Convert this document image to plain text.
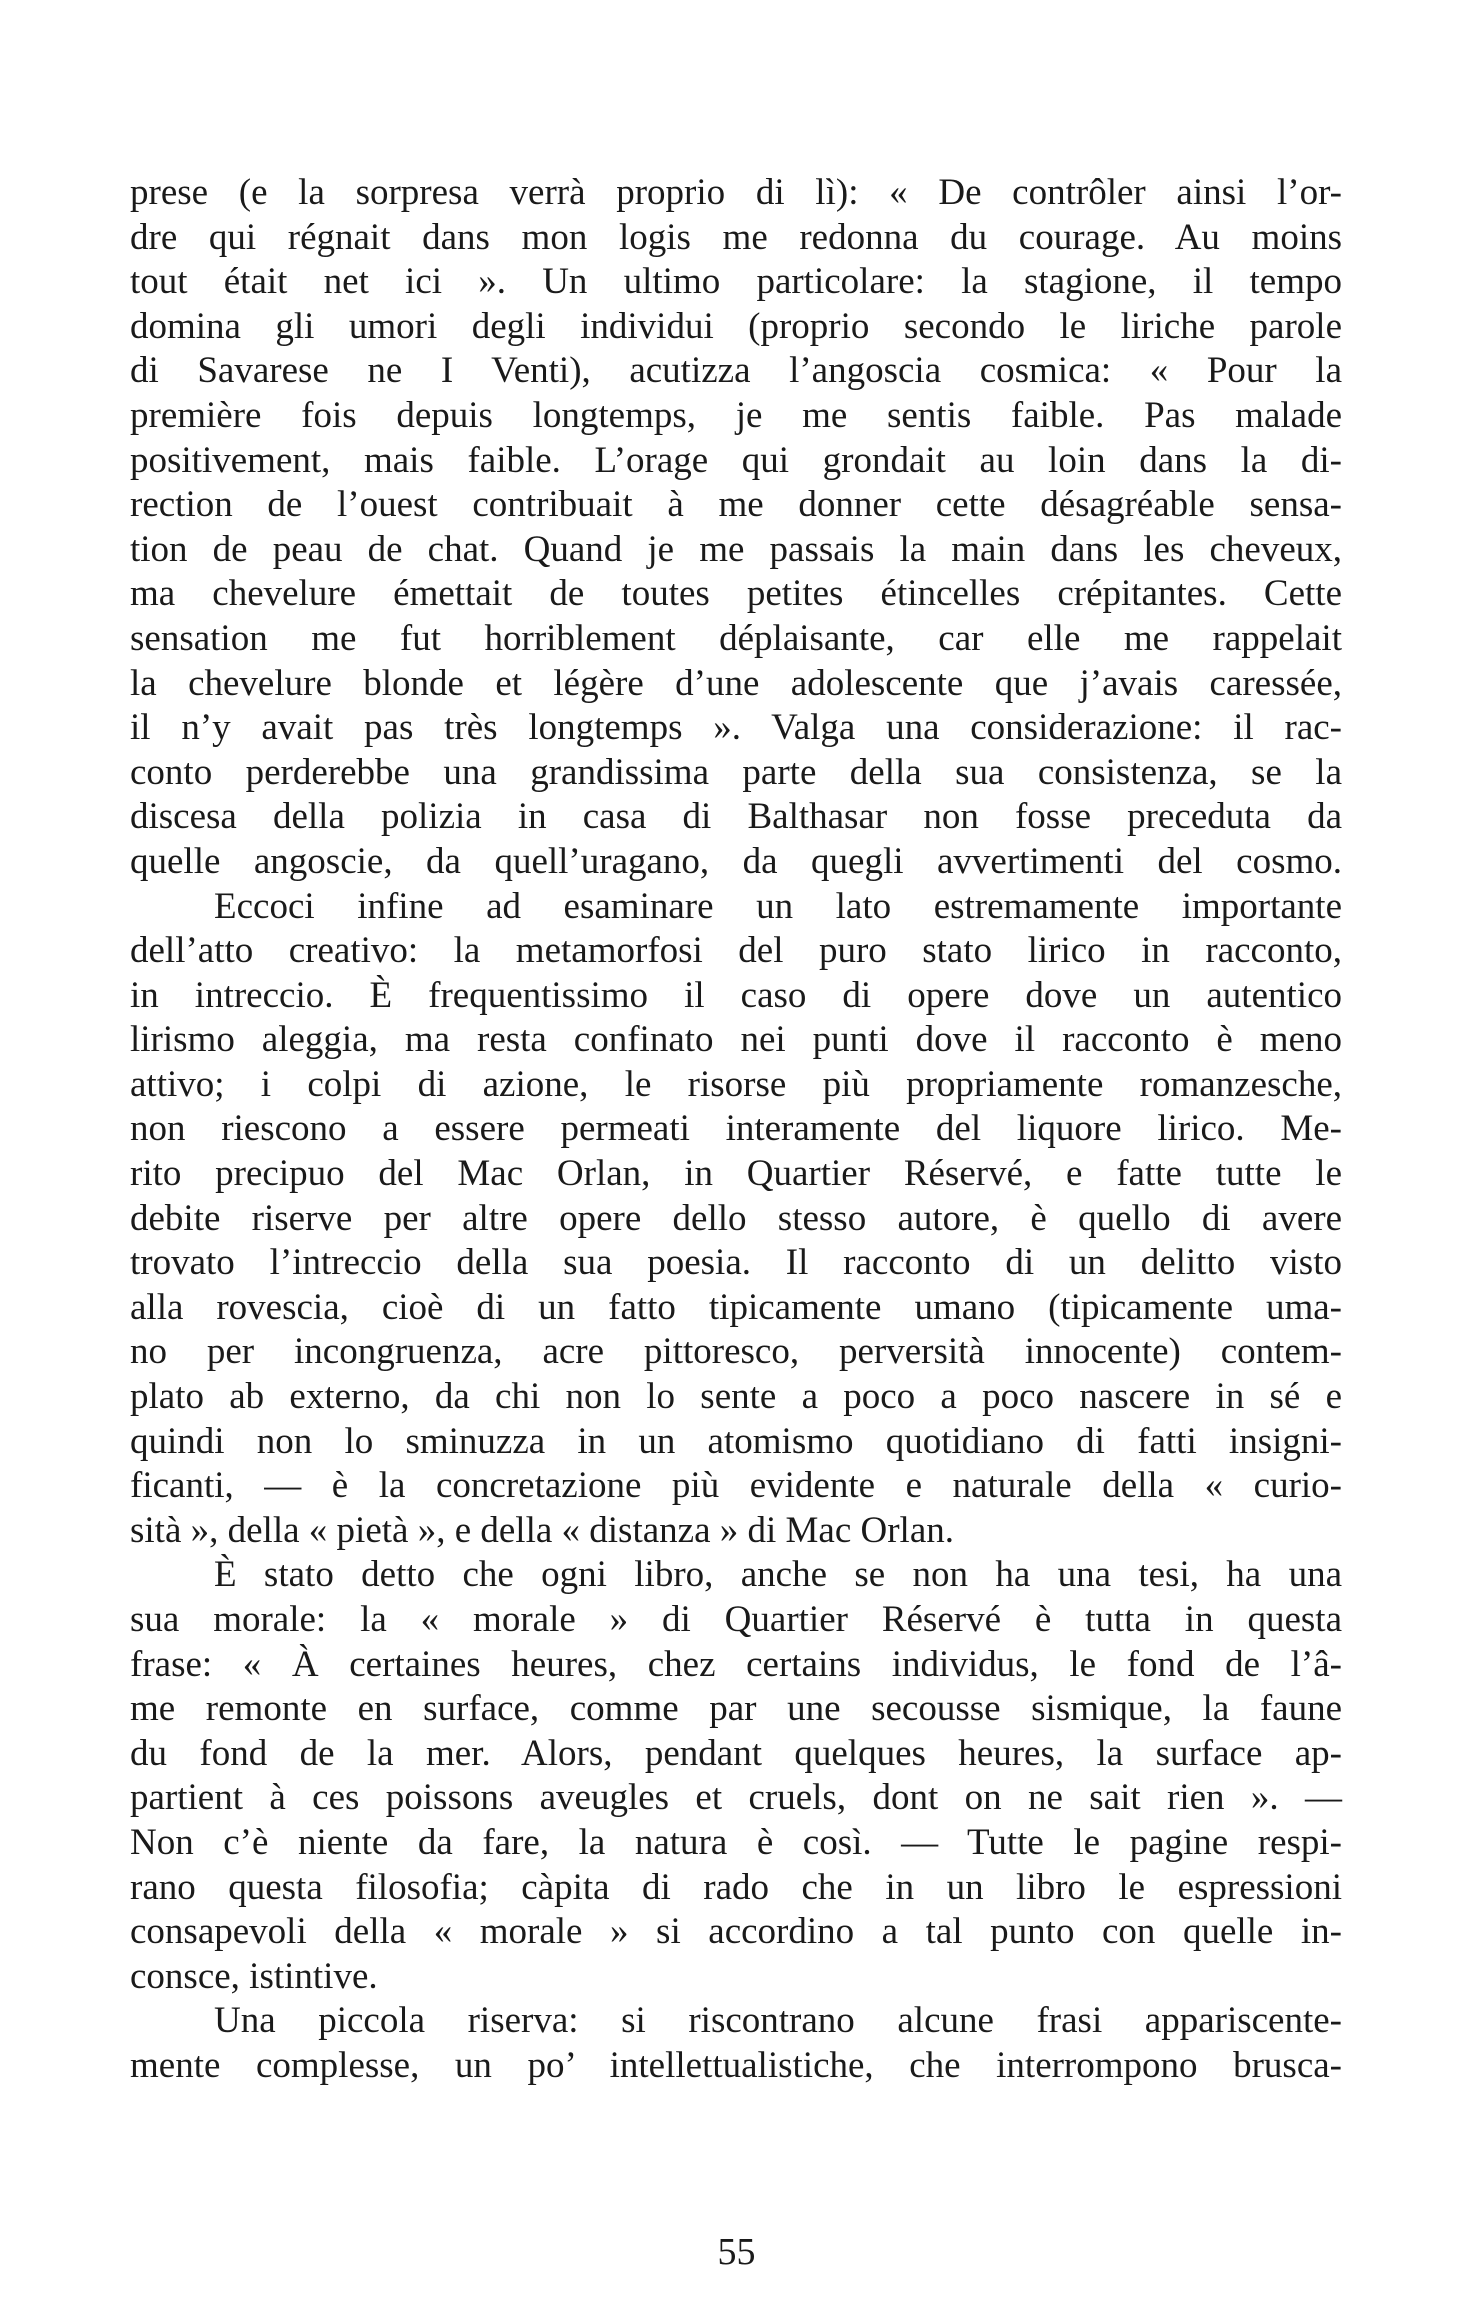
prese (e la sorpresa verrà proprio di lì): « De contrôler ainsi l’or-
dre qui régnait dans mon logis me redonna du courage. Au moins
tout était net ici ». Un ultimo particolare: la stagione, il tempo
domina gli umori degli individui (proprio secondo le liriche parole
di Savarese ne I Venti), acutizza l’angoscia cosmica: « Pour la
première fois depuis longtemps, je me sentis faible. Pas malade
positivement, mais faible. L’orage qui grondait au loin dans la di-
rection de l’ouest contribuait à me donner cette désagréable sensa-
tion de peau de chat. Quand je me passais la main dans les cheveux,
ma chevelure émettait de toutes petites étincelles crépitantes. Cette
sensation me fut horriblement déplaisante, car elle me rappelait
la chevelure blonde et légère d’une adolescente que j’avais caressée,
il n’y avait pas très longtemps ». Valga una considerazione: il rac-
conto perderebbe una grandissima parte della sua consistenza, se la
discesa della polizia in casa di Balthasar non fosse preceduta da
quelle angoscie, da quell’uragano, da quegli avvertimenti del cosmo.
Eccoci infine ad esaminare un lato estremamente importante
dell’atto creativo: la metamorfosi del puro stato lirico in racconto,
in intreccio. È frequentissimo il caso di opere dove un autentico
lirismo aleggia, ma resta confinato nei punti dove il racconto è meno
attivo; i colpi di azione, le risorse più propriamente romanzesche,
non riescono a essere permeati interamente del liquore lirico. Me-
rito precipuo del Mac Orlan, in Quartier Réservé, e fatte tutte le
debite riserve per altre opere dello stesso autore, è quello di avere
trovato l’intreccio della sua poesia. Il racconto di un delitto visto
alla rovescia, cioè di un fatto tipicamente umano (tipicamente uma-
no per incongruenza, acre pittoresco, perversità innocente) contem-
plato ab externo, da chi non lo sente a poco a poco nascere in sé e
quindi non lo sminuzza in un atomismo quotidiano di fatti insigni-
ficanti, — è la concretazione più evidente e naturale della « curio-
sità », della « pietà », e della « distanza » di Mac Orlan.
È stato detto che ogni libro, anche se non ha una tesi, ha una
sua morale: la « morale » di Quartier Réservé è tutta in questa
frase: « À certaines heures, chez certains individus, le fond de l’â-
me remonte en surface, comme par une secousse sismique, la faune
du fond de la mer. Alors, pendant quelques heures, la surface ap-
partient à ces poissons aveugles et cruels, dont on ne sait rien ». —
Non c’è niente da fare, la natura è così. — Tutte le pagine respi-
rano questa filosofia; càpita di rado che in un libro le espressioni
consapevoli della « morale » si accordino a tal punto con quelle in-
consce, istintive.
Una piccola riserva: si riscontrano alcune frasi appariscente-
mente complesse, un po’ intellettualistiche, che interrompono brusca-
55
